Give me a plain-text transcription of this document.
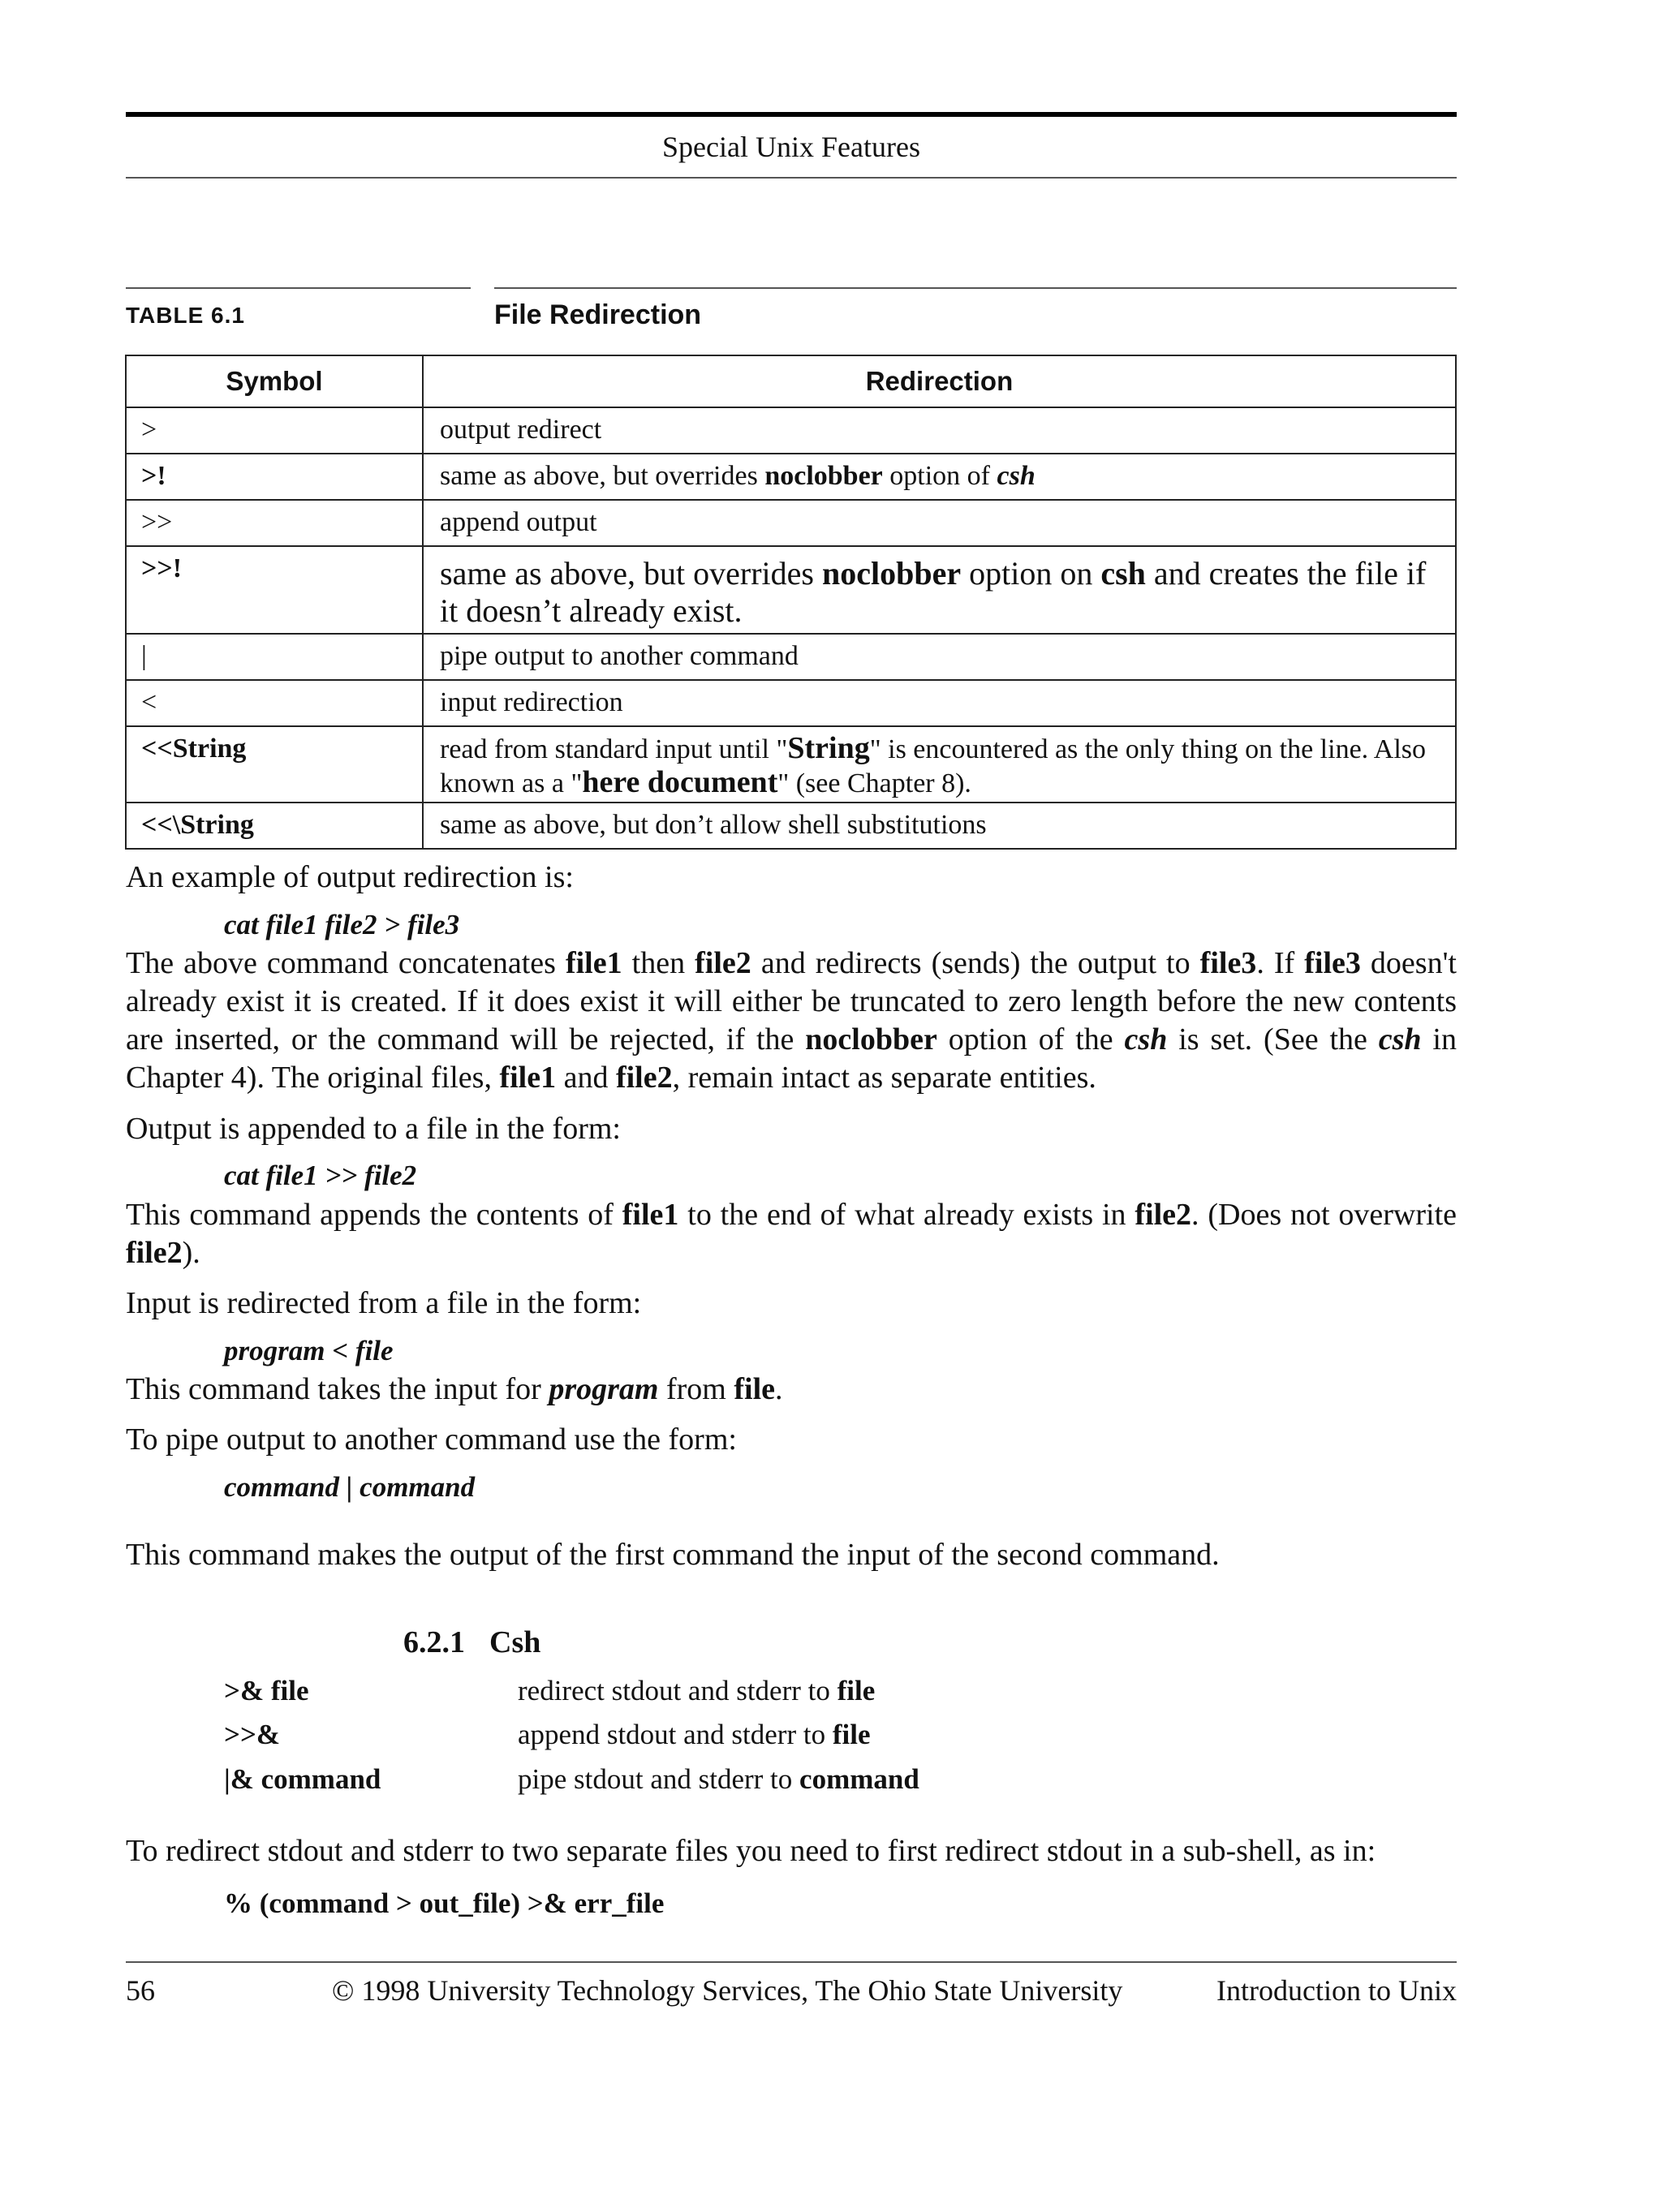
Special Unix Features
TABLE 6.1	File Redirection
Symbol	Redirection
>	output redirect
>!	same as above, but overrides noclobber option of csh
>>	append output
>>!	same as above, but overrides noclobber option on csh and creates the file if it doesn’t already exist.
|	pipe output to another command
<	input redirection
<<String	read from standard input until "String" is encountered as the only thing on the line. Also known as a "here document" (see Chapter 8).
<<\String	same as above, but don’t allow shell substitutions
An example of output redirection is:
cat file1 file2 > file3
The above command concatenates file1 then file2 and redirects (sends) the output to file3. If file3 doesn't already exist it is created. If it does exist it will either be truncated to zero length before the new contents are inserted, or the command will be rejected, if the noclobber option of the csh is set. (See the csh in Chapter 4). The original files, file1 and file2, remain intact as separate entities.
Output is appended to a file in the form:
cat file1 >> file2
This command appends the contents of file1 to the end of what already exists in file2. (Does not overwrite file2).
Input is redirected from a file in the form:
program < file
This command takes the input for program from file.
To pipe output to another command use the form:
command | command
This command makes the output of the first command the input of the second command.
6.2.1 Csh
>& file	redirect stdout and stderr to file
>>&	append stdout and stderr to file
|& command	pipe stdout and stderr to command
To redirect stdout and stderr to two separate files you need to first redirect stdout in a sub-shell, as in:
% (command > out_file) >& err_file
56	© 1998 University Technology Services, The Ohio State University	Introduction to Unix
